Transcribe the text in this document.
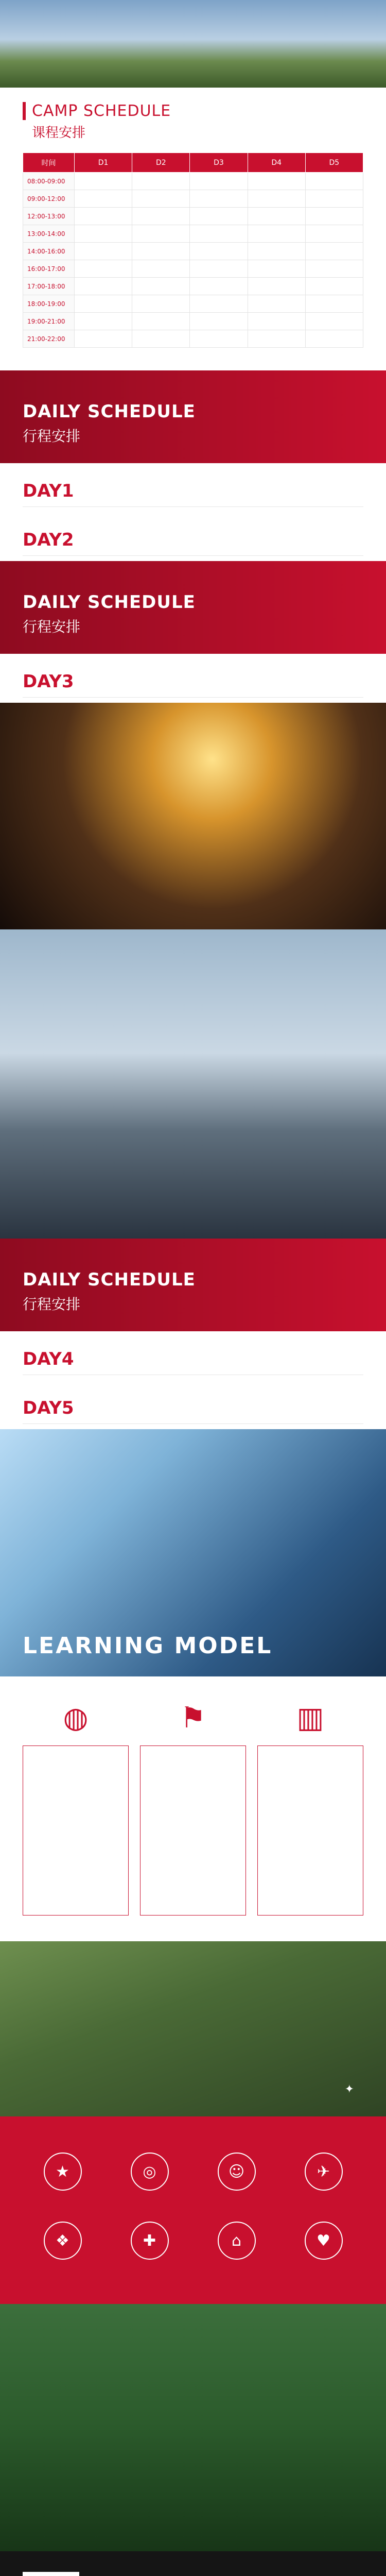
CAMP SCHEDULE
课程安排
时间	D1	D2	D3	D4	D5
08:00-09:00					
09:00-12:00					
12:00-13:00					
13:00-14:00					
14:00-16:00					
16:00-17:00					
17:00-18:00					
18:00-19:00					
19:00-21:00					
21:00-22:00					
DAILY SCHEDULE
行程安排
DAY1
DAY2
DAILY SCHEDULE
行程安排
DAY3
DAILY SCHEDULE
行程安排
DAY4
DAY5
LEARNING MODEL
◍	⚑	▥
✦
★	◎	☺	✈
❖	✚	⌂	♥
